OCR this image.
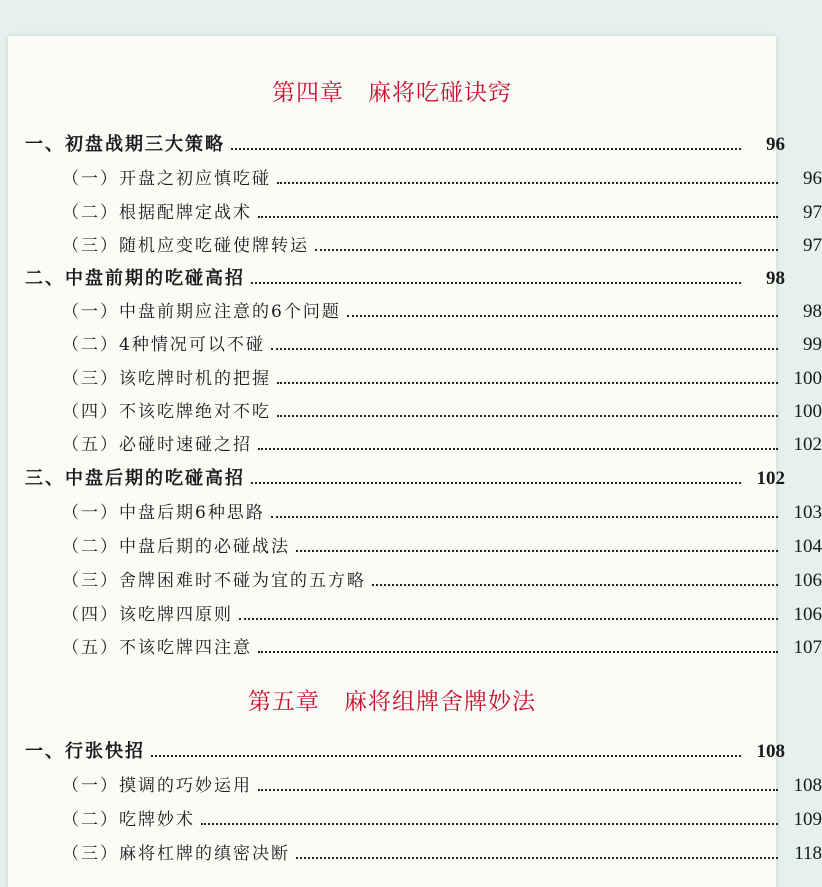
第四章　麻将吃碰诀窍
一、初盘战期三大策略	96
（一）开盘之初应慎吃碰	96
（二）根据配牌定战术	97
（三）随机应变吃碰使牌转运	97
二、中盘前期的吃碰高招	98
（一）中盘前期应注意的6个问题	98
（二）4种情况可以不碰	99
（三）该吃牌时机的把握	100
（四）不该吃牌绝对不吃	100
（五）必碰时速碰之招	102
三、中盘后期的吃碰高招	102
（一）中盘后期6种思路	103
（二）中盘后期的必碰战法	104
（三）舍牌困难时不碰为宜的五方略	106
（四）该吃牌四原则	106
（五）不该吃牌四注意	107
第五章　麻将组牌舍牌妙法
一、行张快招	108
（一）摸调的巧妙运用	108
（二）吃牌妙术	109
（三）麻将杠牌的缜密决断	118
